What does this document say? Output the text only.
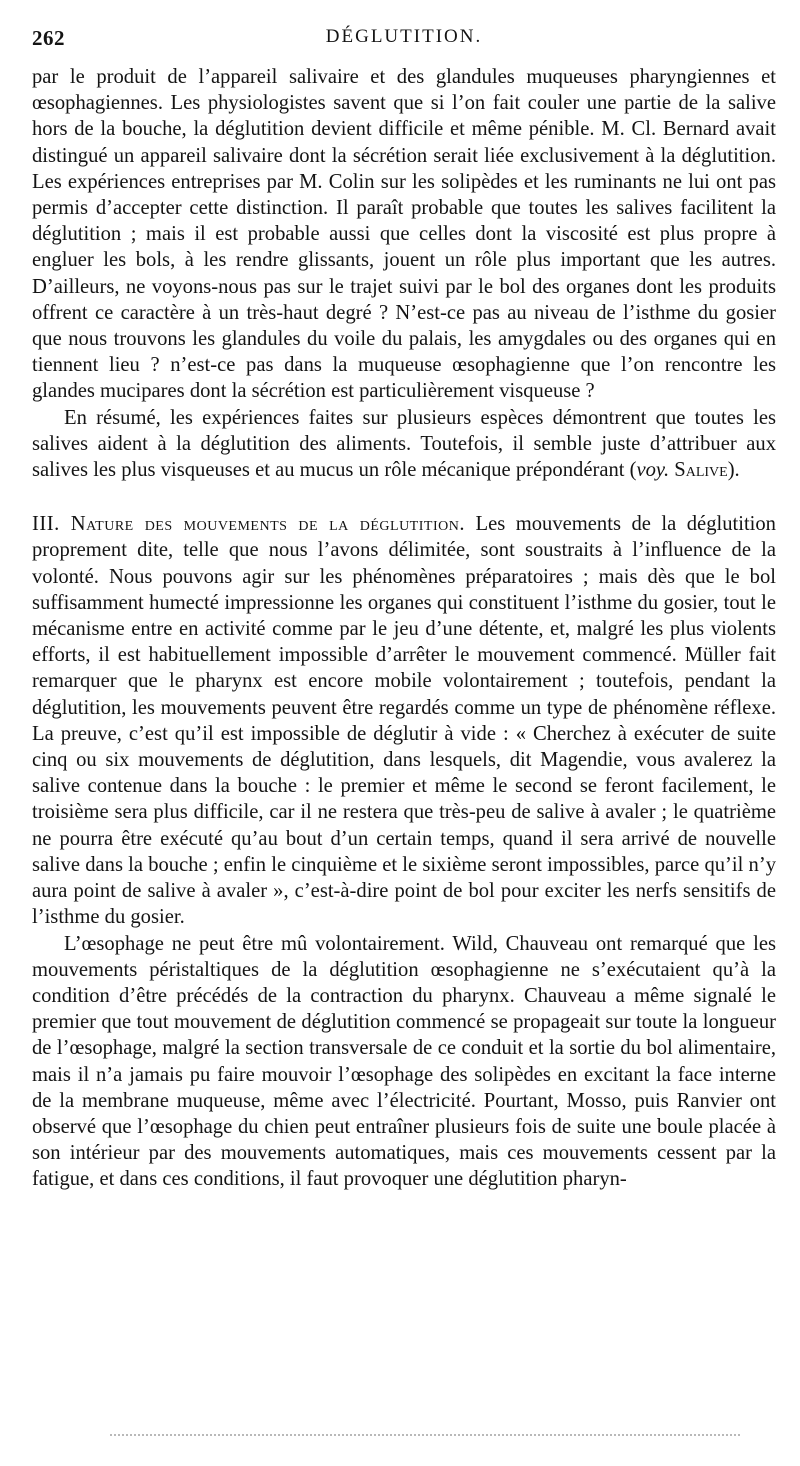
262	DÉGLUTITION.

par le produit de l’appareil salivaire et des glandules muqueuses pharyngiennes et œsophagiennes. Les physiologistes savent que si l’on fait couler une partie de la salive hors de la bouche, la déglutition devient difficile et même pénible. M. Cl. Bernard avait distingué un appareil salivaire dont la sécrétion serait liée exclusivement à la déglutition. Les expériences entreprises par M. Colin sur les solipèdes et les ruminants ne lui ont pas permis d’accepter cette distinction. Il paraît probable que toutes les salives facilitent la déglutition ; mais il est probable aussi que celles dont la viscosité est plus propre à engluer les bols, à les rendre glissants, jouent un rôle plus important que les autres. D’ailleurs, ne voyons-nous pas sur le trajet suivi par le bol des organes dont les produits offrent ce caractère à un très-haut degré ? N’est-ce pas au niveau de l’isthme du gosier que nous trouvons les glandules du voile du palais, les amygdales ou des organes qui en tiennent lieu ? n’est-ce pas dans la muqueuse œsophagienne que l’on rencontre les glandes mucipares dont la sécrétion est particulièrement visqueuse ?

En résumé, les expériences faites sur plusieurs espèces démontrent que toutes les salives aident à la déglutition des aliments. Toutefois, il semble juste d’attribuer aux salives les plus visqueuses et au mucus un rôle mécanique prépondérant (voy. Salive).

III. Nature des mouvements de la déglutition. Les mouvements de la déglutition proprement dite, telle que nous l’avons délimitée, sont soustraits à l’influence de la volonté. Nous pouvons agir sur les phénomènes préparatoires ; mais dès que le bol suffisamment humecté impressionne les organes qui constituent l’isthme du gosier, tout le mécanisme entre en activité comme par le jeu d’une détente, et, malgré les plus violents efforts, il est habituellement impossible d’arrêter le mouvement commencé. Müller fait remarquer que le pharynx est encore mobile volontairement ; toutefois, pendant la déglutition, les mouvements peuvent être regardés comme un type de phénomène réflexe. La preuve, c’est qu’il est impossible de déglutir à vide : « Cherchez à exécuter de suite cinq ou six mouvements de déglutition, dans lesquels, dit Magendie, vous avalerez la salive contenue dans la bouche : le premier et même le second se feront facilement, le troisième sera plus difficile, car il ne restera que très-peu de salive à avaler ; le quatrième ne pourra être exécuté qu’au bout d’un certain temps, quand il sera arrivé de nouvelle salive dans la bouche ; enfin le cinquième et le sixième seront impossibles, parce qu’il n’y aura point de salive à avaler », c’est-à-dire point de bol pour exciter les nerfs sensitifs de l’isthme du gosier.

L’œsophage ne peut être mû volontairement. Wild, Chauveau ont remarqué que les mouvements péristaltiques de la déglutition œsophagienne ne s’exécutaient qu’à la condition d’être précédés de la contraction du pharynx. Chauveau a même signalé le premier que tout mouvement de déglutition commencé se propageait sur toute la longueur de l’œsophage, malgré la section transversale de ce conduit et la sortie du bol alimentaire, mais il n’a jamais pu faire mouvoir l’œsophage des solipèdes en excitant la face interne de la membrane muqueuse, même avec l’électricité. Pourtant, Mosso, puis Ranvier ont observé que l’œsophage du chien peut entraîner plusieurs fois de suite une boule placée à son intérieur par des mouvements automatiques, mais ces mouvements cessent par la fatigue, et dans ces conditions, il faut provoquer une déglutition pharyn-
